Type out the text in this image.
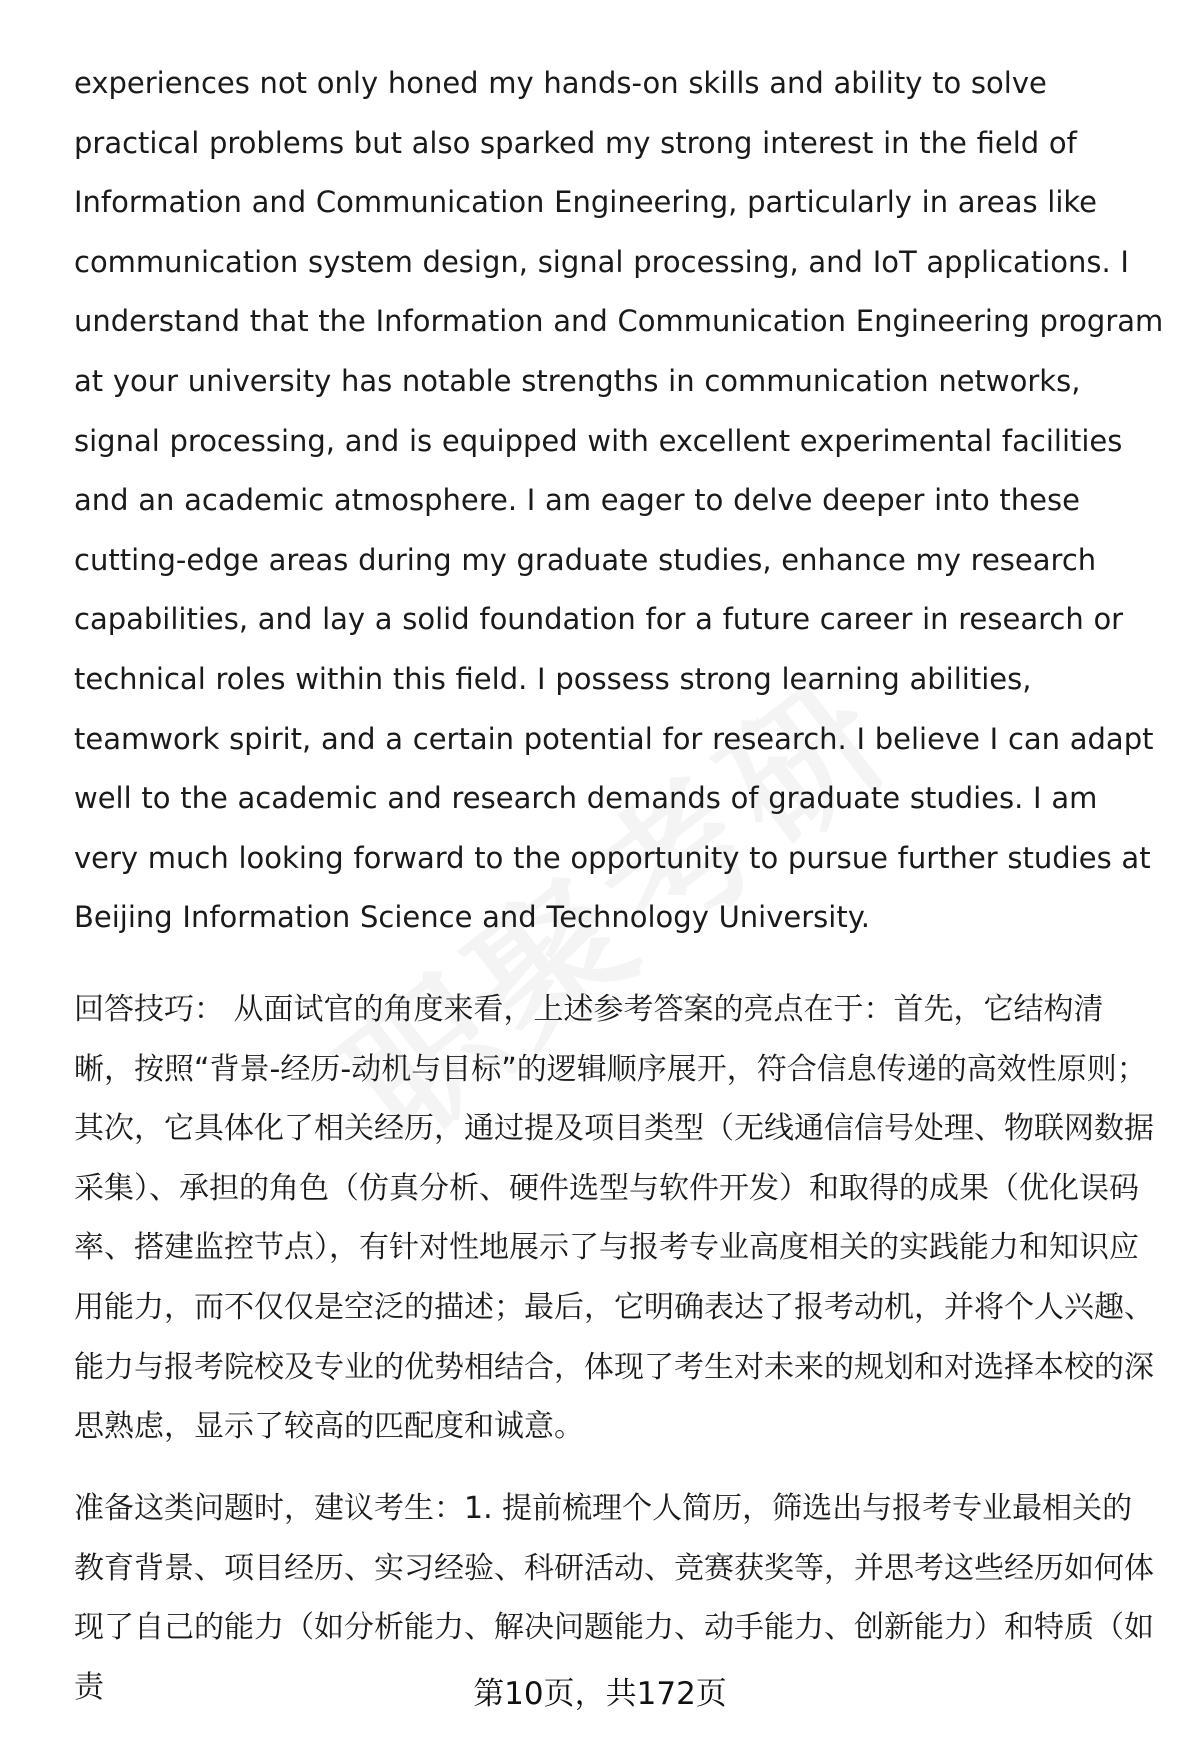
experiences not only honed my hands-on skills and ability to solve practical problems but also sparked my strong interest in the field of Information and Communication Engineering, particularly in areas like communication system design, signal processing, and IoT applications. I understand that the Information and Communication Engineering program at your university has notable strengths in communication networks, signal processing, and is equipped with excellent experimental facilities and an academic atmosphere. I am eager to delve deeper into these cutting-edge areas during my graduate studies, enhance my research capabilities, and lay a solid foundation for a future career in research or technical roles within this field. I possess strong learning abilities, teamwork spirit, and a certain potential for research. I believe I can adapt well to the academic and research demands of graduate studies. I am very much looking forward to the opportunity to pursue further studies at Beijing Information Science and Technology University.

回答技巧： 从面试官的角度来看，上述参考答案的亮点在于：首先，它结构清晰，按照“背景-经历-动机与目标”的逻辑顺序展开，符合信息传递的高效性原则；其次，它具体化了相关经历，通过提及项目类型（无线通信信号处理、物联网数据采集）、承担的角色（仿真分析、硬件选型与软件开发）和取得的成果（优化误码率、搭建监控节点），有针对性地展示了与报考专业高度相关的实践能力和知识应用能力，而不仅仅是空泛的描述；最后，它明确表达了报考动机，并将个人兴趣、能力与报考院校及专业的优势相结合，体现了考生对未来的规划和对选择本校的深思熟虑，显示了较高的匹配度和诚意。

准备这类问题时，建议考生：1. 提前梳理个人简历，筛选出与报考专业最相关的教育背景、项目经历、实习经验、科研活动、竞赛获奖等，并思考这些经历如何体现了自己的能力（如分析能力、解决问题能力、动手能力、创新能力）和特质（如责	第10页，共172页
